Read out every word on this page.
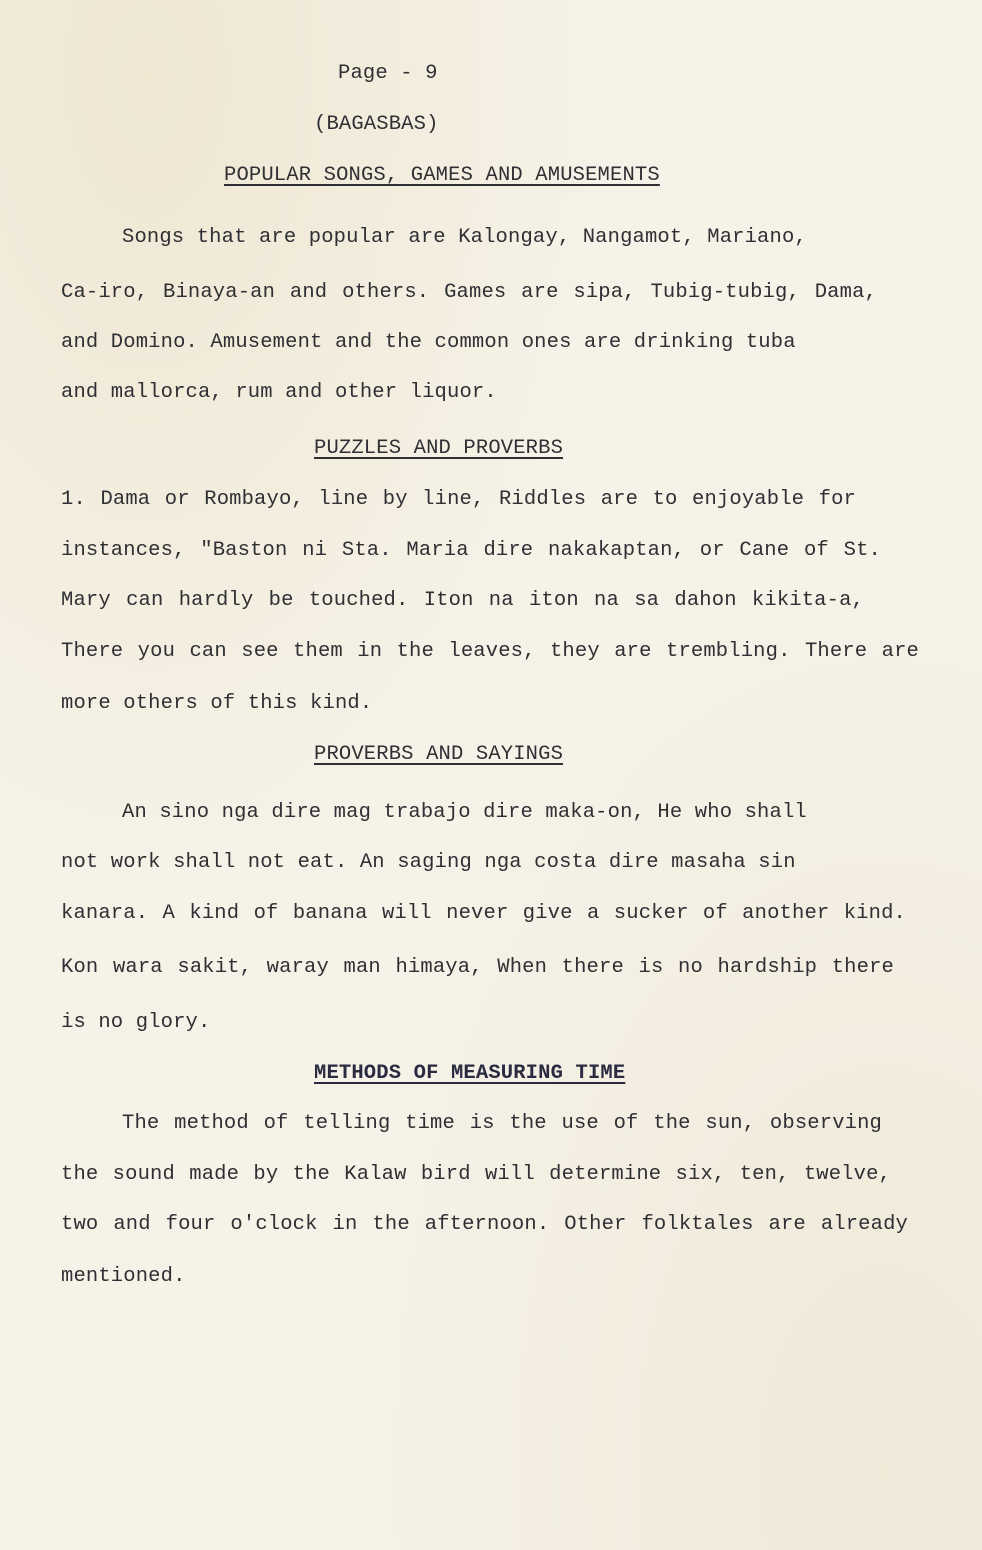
Page - 9
(BAGASBAS)
POPULAR SONGS, GAMES AND AMUSEMENTS
Songs that are popular are Kalongay, Nangamot, Mariano,
Ca-iro, Binaya-an and others. Games are sipa, Tubig-tubig, Dama,
and Domino. Amusement and the common ones are drinking tuba
and mallorca, rum and other liquor.
PUZZLES AND PROVERBS
1. Dama or Rombayo, line by line, Riddles are to enjoyable for
instances, "Baston ni Sta. Maria dire nakakaptan, or Cane of St.
Mary can hardly be touched. Iton na iton na sa dahon kikita-a,
There you can see them in the leaves, they are trembling. There are
more others of this kind.
PROVERBS AND SAYINGS
An sino nga dire mag trabajo dire maka-on, He who shall
not work shall not eat. An saging nga costa dire masaha sin
kanara. A kind of banana will never give a sucker of another kind.
Kon wara sakit, waray man himaya, When there is no hardship there
is no glory.
METHODS OF MEASURING TIME
The method of telling time is the use of the sun, observing
the sound made by the Kalaw bird will determine six, ten, twelve,
two and four o'clock in the afternoon. Other folktales are already
mentioned.
